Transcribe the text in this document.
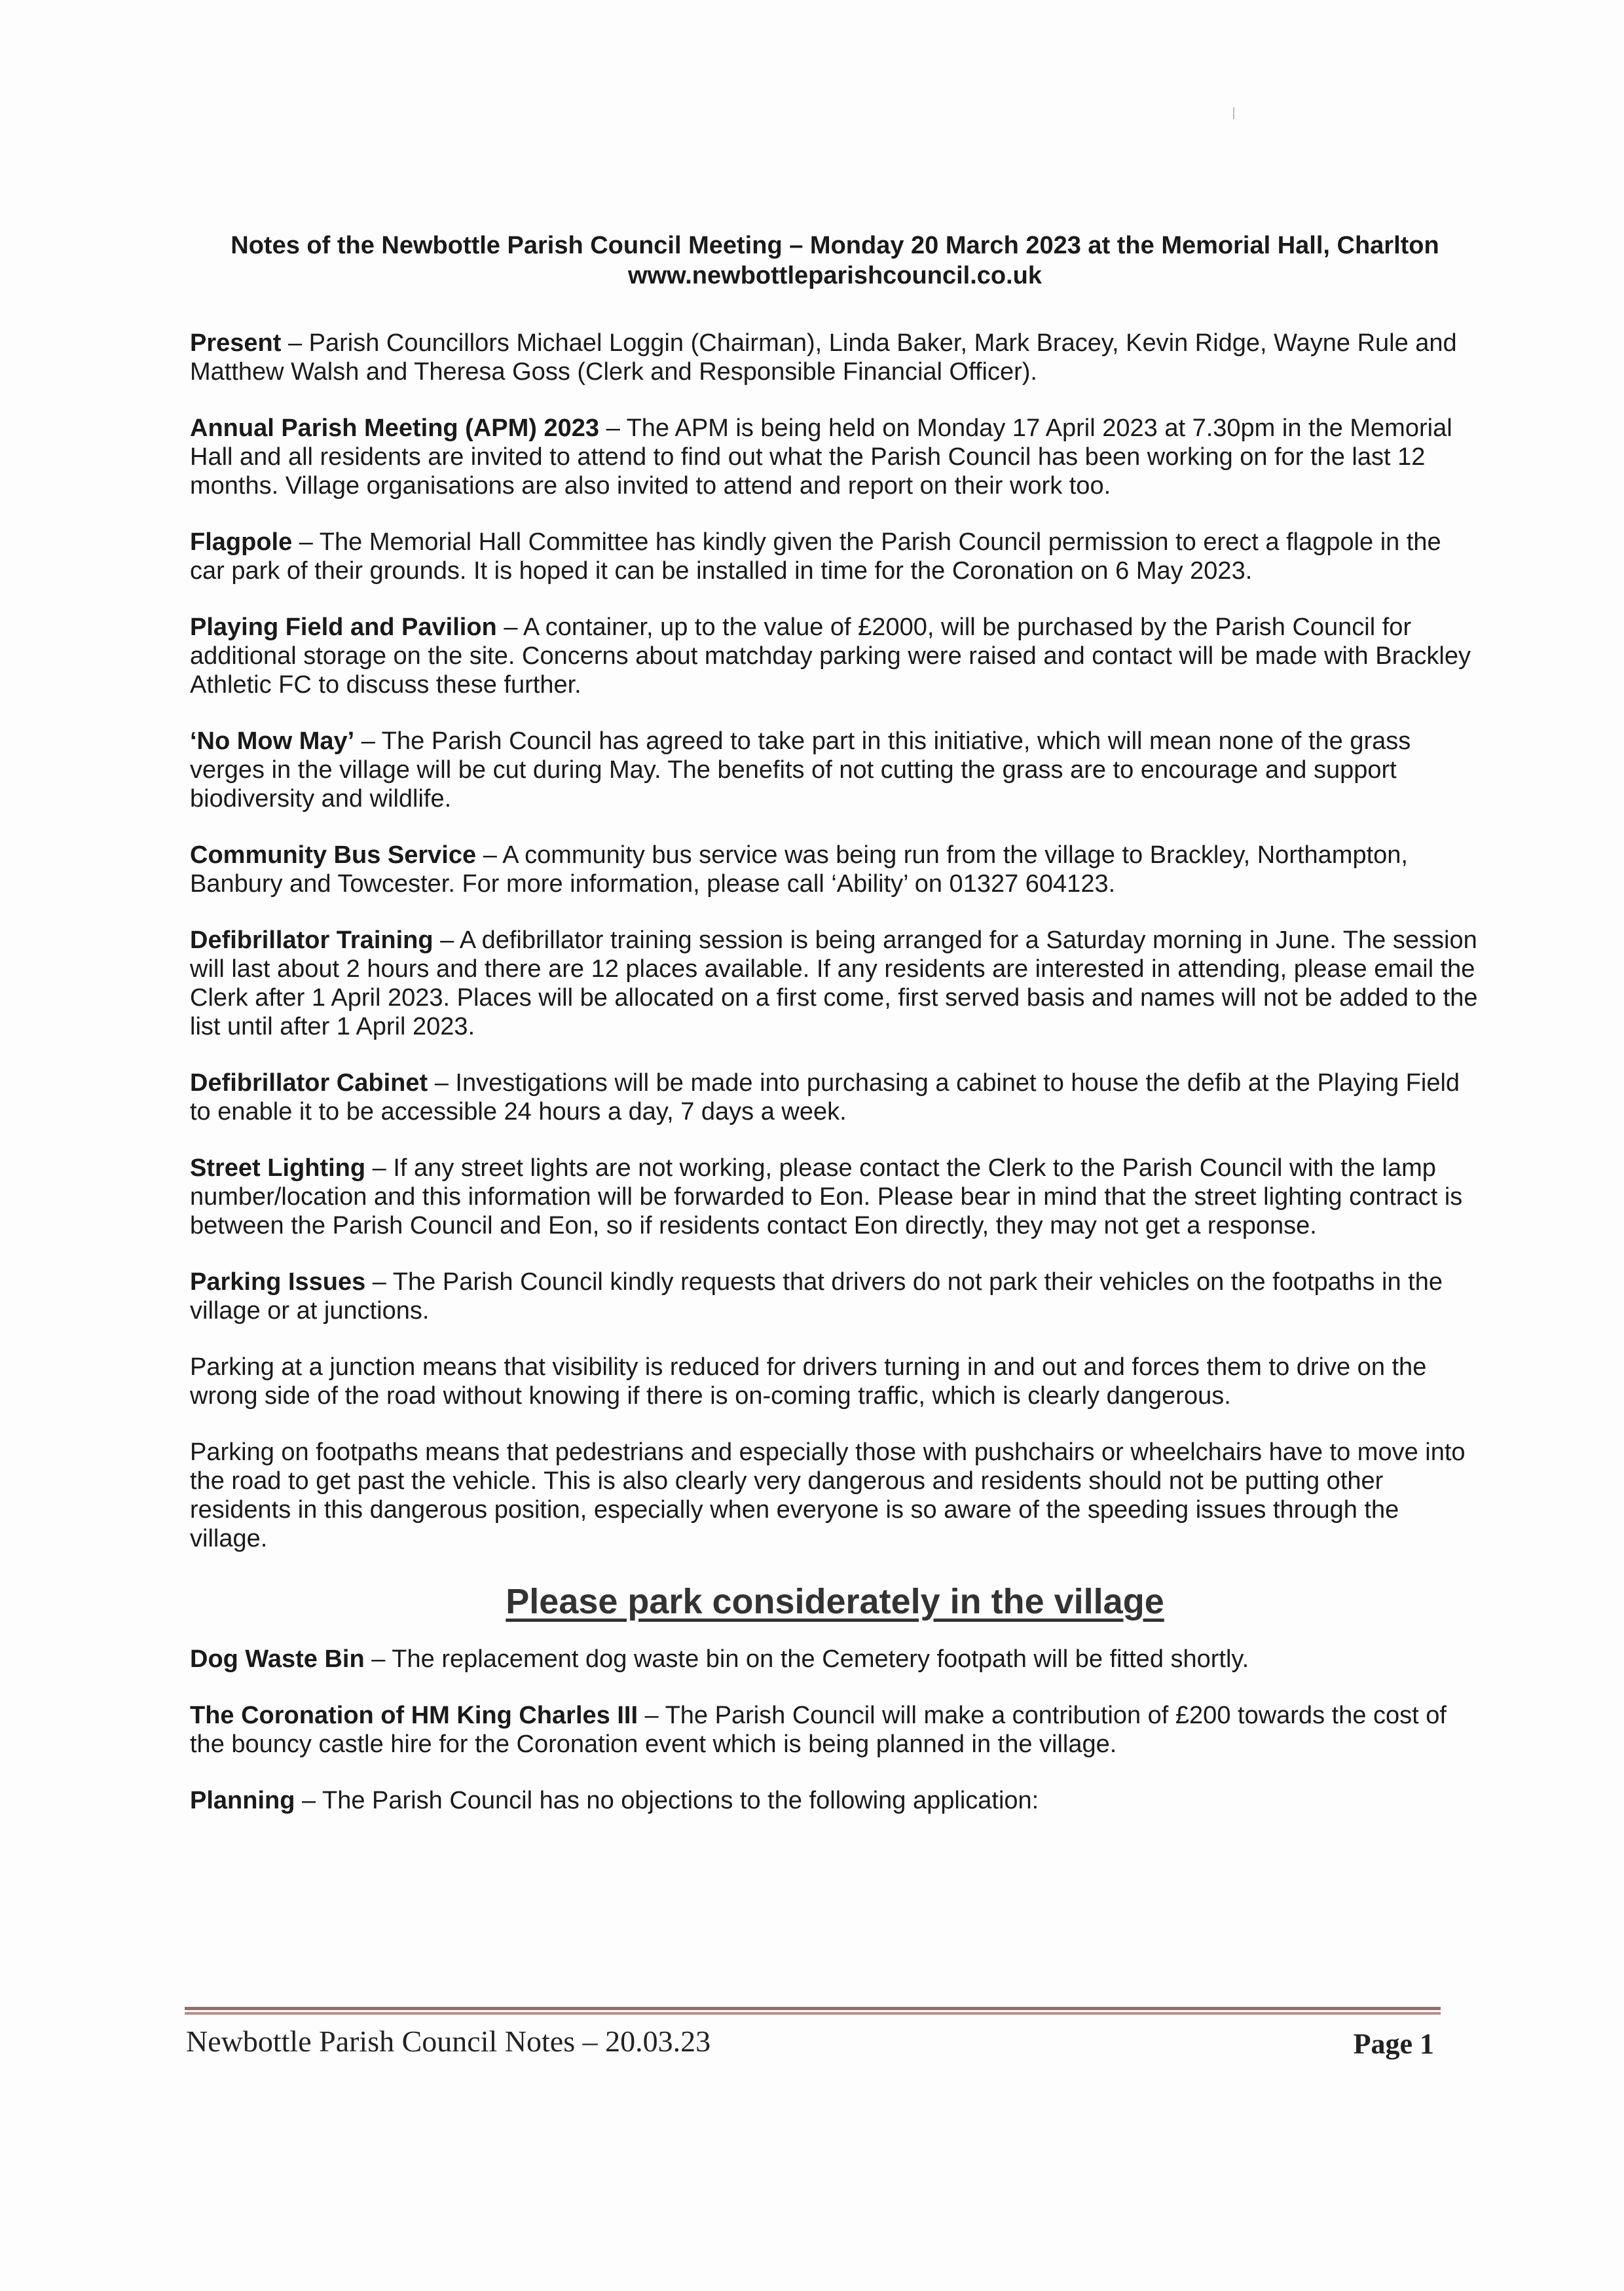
Notes of the Newbottle Parish Council Meeting – Monday 20 March 2023 at the Memorial Hall, Charlton
www.newbottleparishcouncil.co.uk

Present – Parish Councillors Michael Loggin (Chairman), Linda Baker, Mark Bracey, Kevin Ridge, Wayne Rule and Matthew Walsh and Theresa Goss (Clerk and Responsible Financial Officer).

Annual Parish Meeting (APM) 2023 – The APM is being held on Monday 17 April 2023 at 7.30pm in the Memorial Hall and all residents are invited to attend to find out what the Parish Council has been working on for the last 12 months. Village organisations are also invited to attend and report on their work too.

Flagpole – The Memorial Hall Committee has kindly given the Parish Council permission to erect a flagpole in the car park of their grounds. It is hoped it can be installed in time for the Coronation on 6 May 2023.

Playing Field and Pavilion – A container, up to the value of £2000, will be purchased by the Parish Council for additional storage on the site. Concerns about matchday parking were raised and contact will be made with Brackley Athletic FC to discuss these further.

‘No Mow May’ – The Parish Council has agreed to take part in this initiative, which will mean none of the grass verges in the village will be cut during May. The benefits of not cutting the grass are to encourage and support biodiversity and wildlife.

Community Bus Service – A community bus service was being run from the village to Brackley, Northampton, Banbury and Towcester. For more information, please call ‘Ability’ on 01327 604123.

Defibrillator Training – A defibrillator training session is being arranged for a Saturday morning in June. The session will last about 2 hours and there are 12 places available. If any residents are interested in attending, please email the Clerk after 1 April 2023. Places will be allocated on a first come, first served basis and names will not be added to the list until after 1 April 2023.

Defibrillator Cabinet – Investigations will be made into purchasing a cabinet to house the defib at the Playing Field to enable it to be accessible 24 hours a day, 7 days a week.

Street Lighting – If any street lights are not working, please contact the Clerk to the Parish Council with the lamp number/location and this information will be forwarded to Eon. Please bear in mind that the street lighting contract is between the Parish Council and Eon, so if residents contact Eon directly, they may not get a response.

Parking Issues – The Parish Council kindly requests that drivers do not park their vehicles on the footpaths in the village or at junctions.

Parking at a junction means that visibility is reduced for drivers turning in and out and forces them to drive on the wrong side of the road without knowing if there is on-coming traffic, which is clearly dangerous.

Parking on footpaths means that pedestrians and especially those with pushchairs or wheelchairs have to move into the road to get past the vehicle. This is also clearly very dangerous and residents should not be putting other residents in this dangerous position, especially when everyone is so aware of the speeding issues through the village.

Please park considerately in the village

Dog Waste Bin – The replacement dog waste bin on the Cemetery footpath will be fitted shortly.

The Coronation of HM King Charles III – The Parish Council will make a contribution of £200 towards the cost of the bouncy castle hire for the Coronation event which is being planned in the village.

Planning – The Parish Council has no objections to the following application:

Newbottle Parish Council Notes – 20.03.23	Page 1
